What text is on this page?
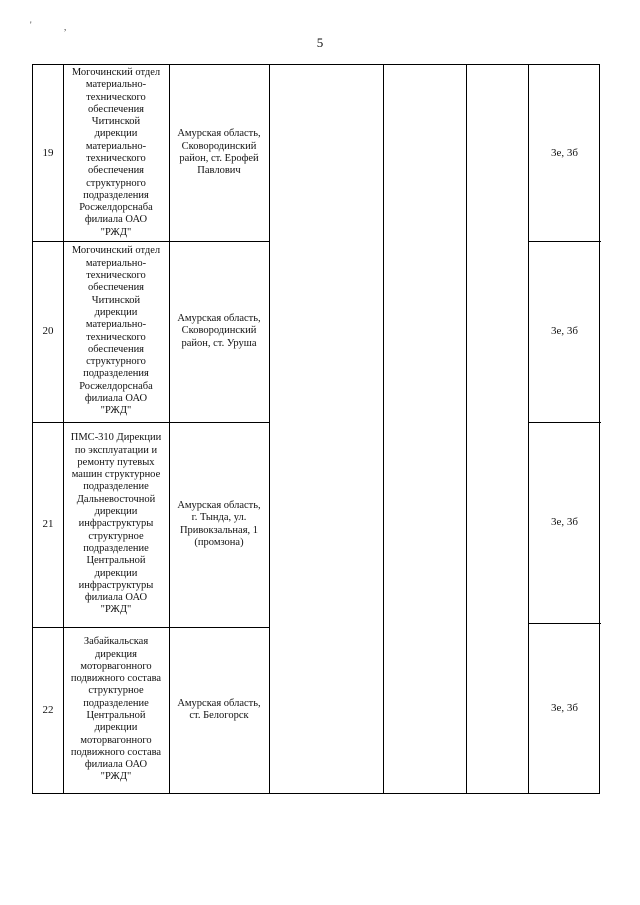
'	,
5
19
Могочинский отдел
материально-
технического
обеспечения
Читинской
дирекции
материально-
технического
обеспечения
структурного
подразделения
Росжелдорснаба
филиала ОАО
"РЖД"
Амурская область,
Сковородинский
район, ст. Ерофей
Павлович
3е, 3б
20
Могочинский отдел
материально-
технического
обеспечения
Читинской
дирекции
материально-
технического
обеспечения
структурного
подразделения
Росжелдорснаба
филиала ОАО
"РЖД"
Амурская область,
Сковородинский
район, ст. Уруша
3е, 3б
21
ПМС-310 Дирекции
по эксплуатации и
ремонту путевых
машин структурное
подразделение
Дальневосточной
дирекции
инфраструктуры
структурное
подразделение
Центральной
дирекции
инфраструктуры
филиала ОАО
"РЖД"
Амурская область,
г. Тында, ул.
Привокзальная, 1
(промзона)
3е, 3б
22
Забайкальская
дирекция
моторвагонного
подвижного состава
структурное
подразделение
Центральной
дирекции
моторвагонного
подвижного состава
филиала ОАО
"РЖД"
Амурская область,
ст. Белогорск
3е, 3б
